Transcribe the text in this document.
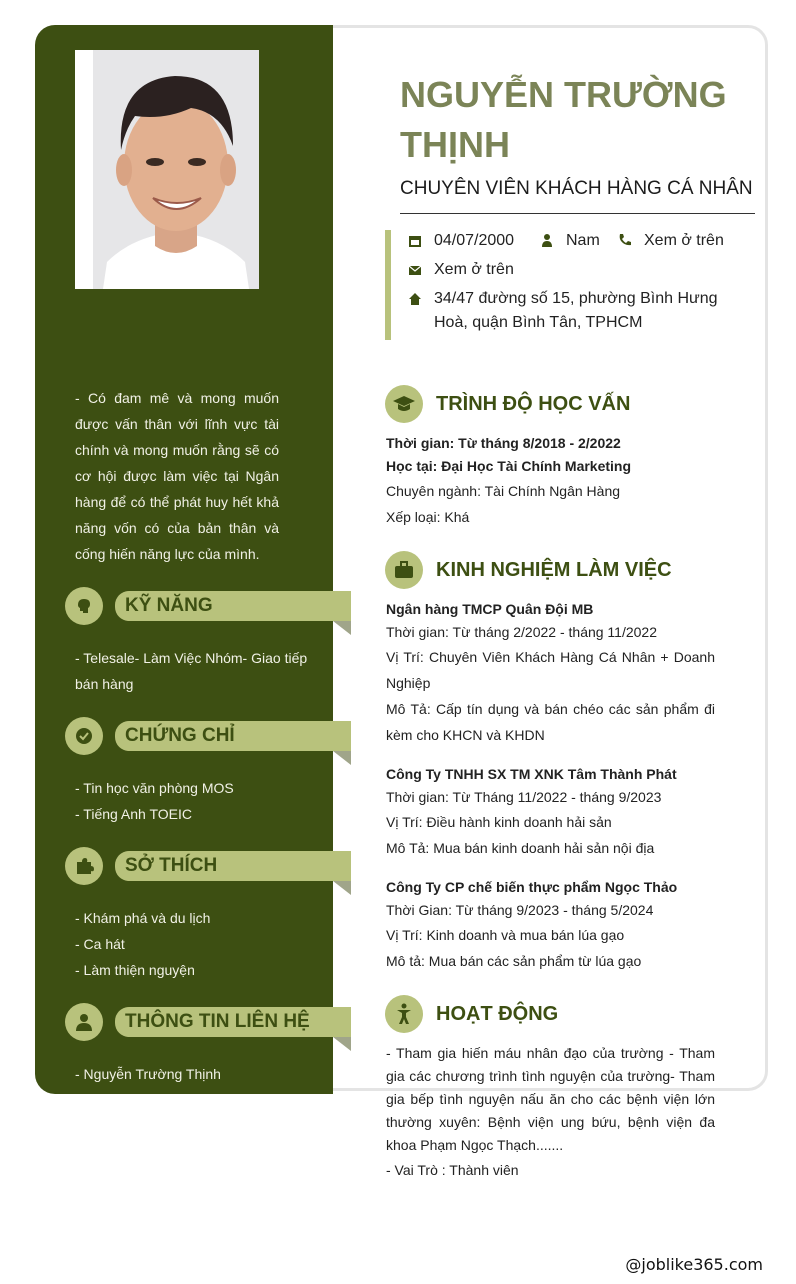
- Có đam mê và mong muốn được vấn thân với lĩnh vực tài chính và mong muốn rằng sẽ có cơ hội được làm việc tại Ngân hàng để có thể phát huy hết khả năng vốn có của bản thân và cống hiến năng lực của mình.
KỸ NĂNG
- Telesale- Làm Việc Nhóm- Giao tiếp bán hàng
CHỨNG CHỈ
- Tin học văn phòng MOS
- Tiếng Anh TOEIC
SỞ THÍCH
- Khám phá và du lịch
- Ca hát
- Làm thiện nguyện
THÔNG TIN LIÊN HỆ
- Nguyễn Trường Thịnh
NGUYỄN TRƯỜNG THỊNH
CHUYÊN VIÊN KHÁCH HÀNG CÁ NHÂN
04/07/2000	Nam	Xem ở trên
Xem ở trên
34/47 đường số 15, phường Bình Hưng Hoà, quận Bình Tân, TPHCM
TRÌNH ĐỘ HỌC VẤN
Thời gian: Từ tháng 8/2018 - 2/2022
Học tại: Đại Học Tài Chính Marketing
Chuyên ngành: Tài Chính Ngân Hàng
Xếp loại: Khá
KINH NGHIỆM LÀM VIỆC
Ngân hàng TMCP Quân Đội MB
Thời gian: Từ tháng 2/2022 - tháng 11/2022
Vị Trí: Chuyên Viên Khách Hàng Cá Nhân + Doanh Nghiệp
Mô Tả: Cấp tín dụng và bán chéo các sản phẩm đi kèm cho KHCN và KHDN
Công Ty TNHH SX TM XNK Tâm Thành Phát
Thời gian: Từ Tháng 11/2022 - tháng 9/2023
Vị Trí: Điều hành kinh doanh hải sản
Mô Tả: Mua bán kinh doanh hải sản nội địa
Công Ty CP chế biến thực phẩm Ngọc Thảo
Thời Gian: Từ tháng 9/2023 - tháng 5/2024
Vị Trí: Kinh doanh và mua bán lúa gạo
Mô tả: Mua bán các sản phẩm từ lúa gạo
HOẠT ĐỘNG
- Tham gia hiến máu nhân đạo của trường - Tham gia các chương trình tình nguyện của trường- Tham gia bếp tình nguyện nấu ăn cho các bệnh viện lớn thường xuyên: Bệnh viện ung bứu, bệnh viện đa khoa Phạm Ngọc Thạch.......
- Vai Trò : Thành viên
@joblike365.com
